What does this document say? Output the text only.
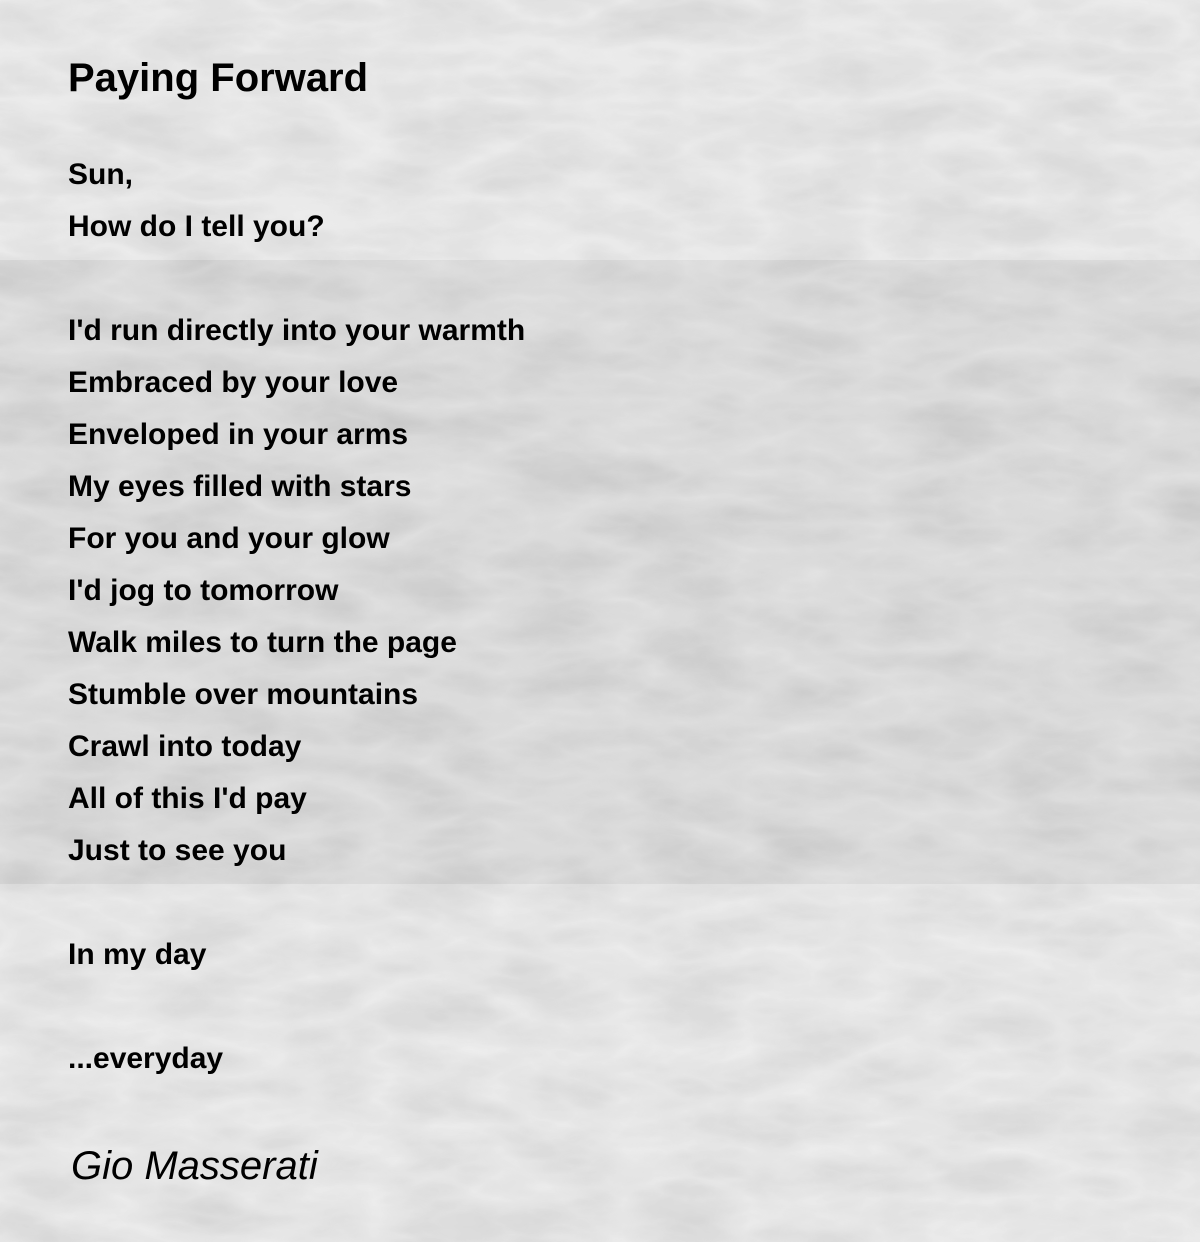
Paying Forward
Sun,
How do I tell you?
I'd run directly into your warmth
Embraced by your love
Enveloped in your arms
My eyes filled with stars
For you and your glow
I'd jog to tomorrow
Walk miles to turn the page
Stumble over mountains
Crawl into today
All of this I'd pay
Just to see you
In my day
...everyday
Gio Masserati
